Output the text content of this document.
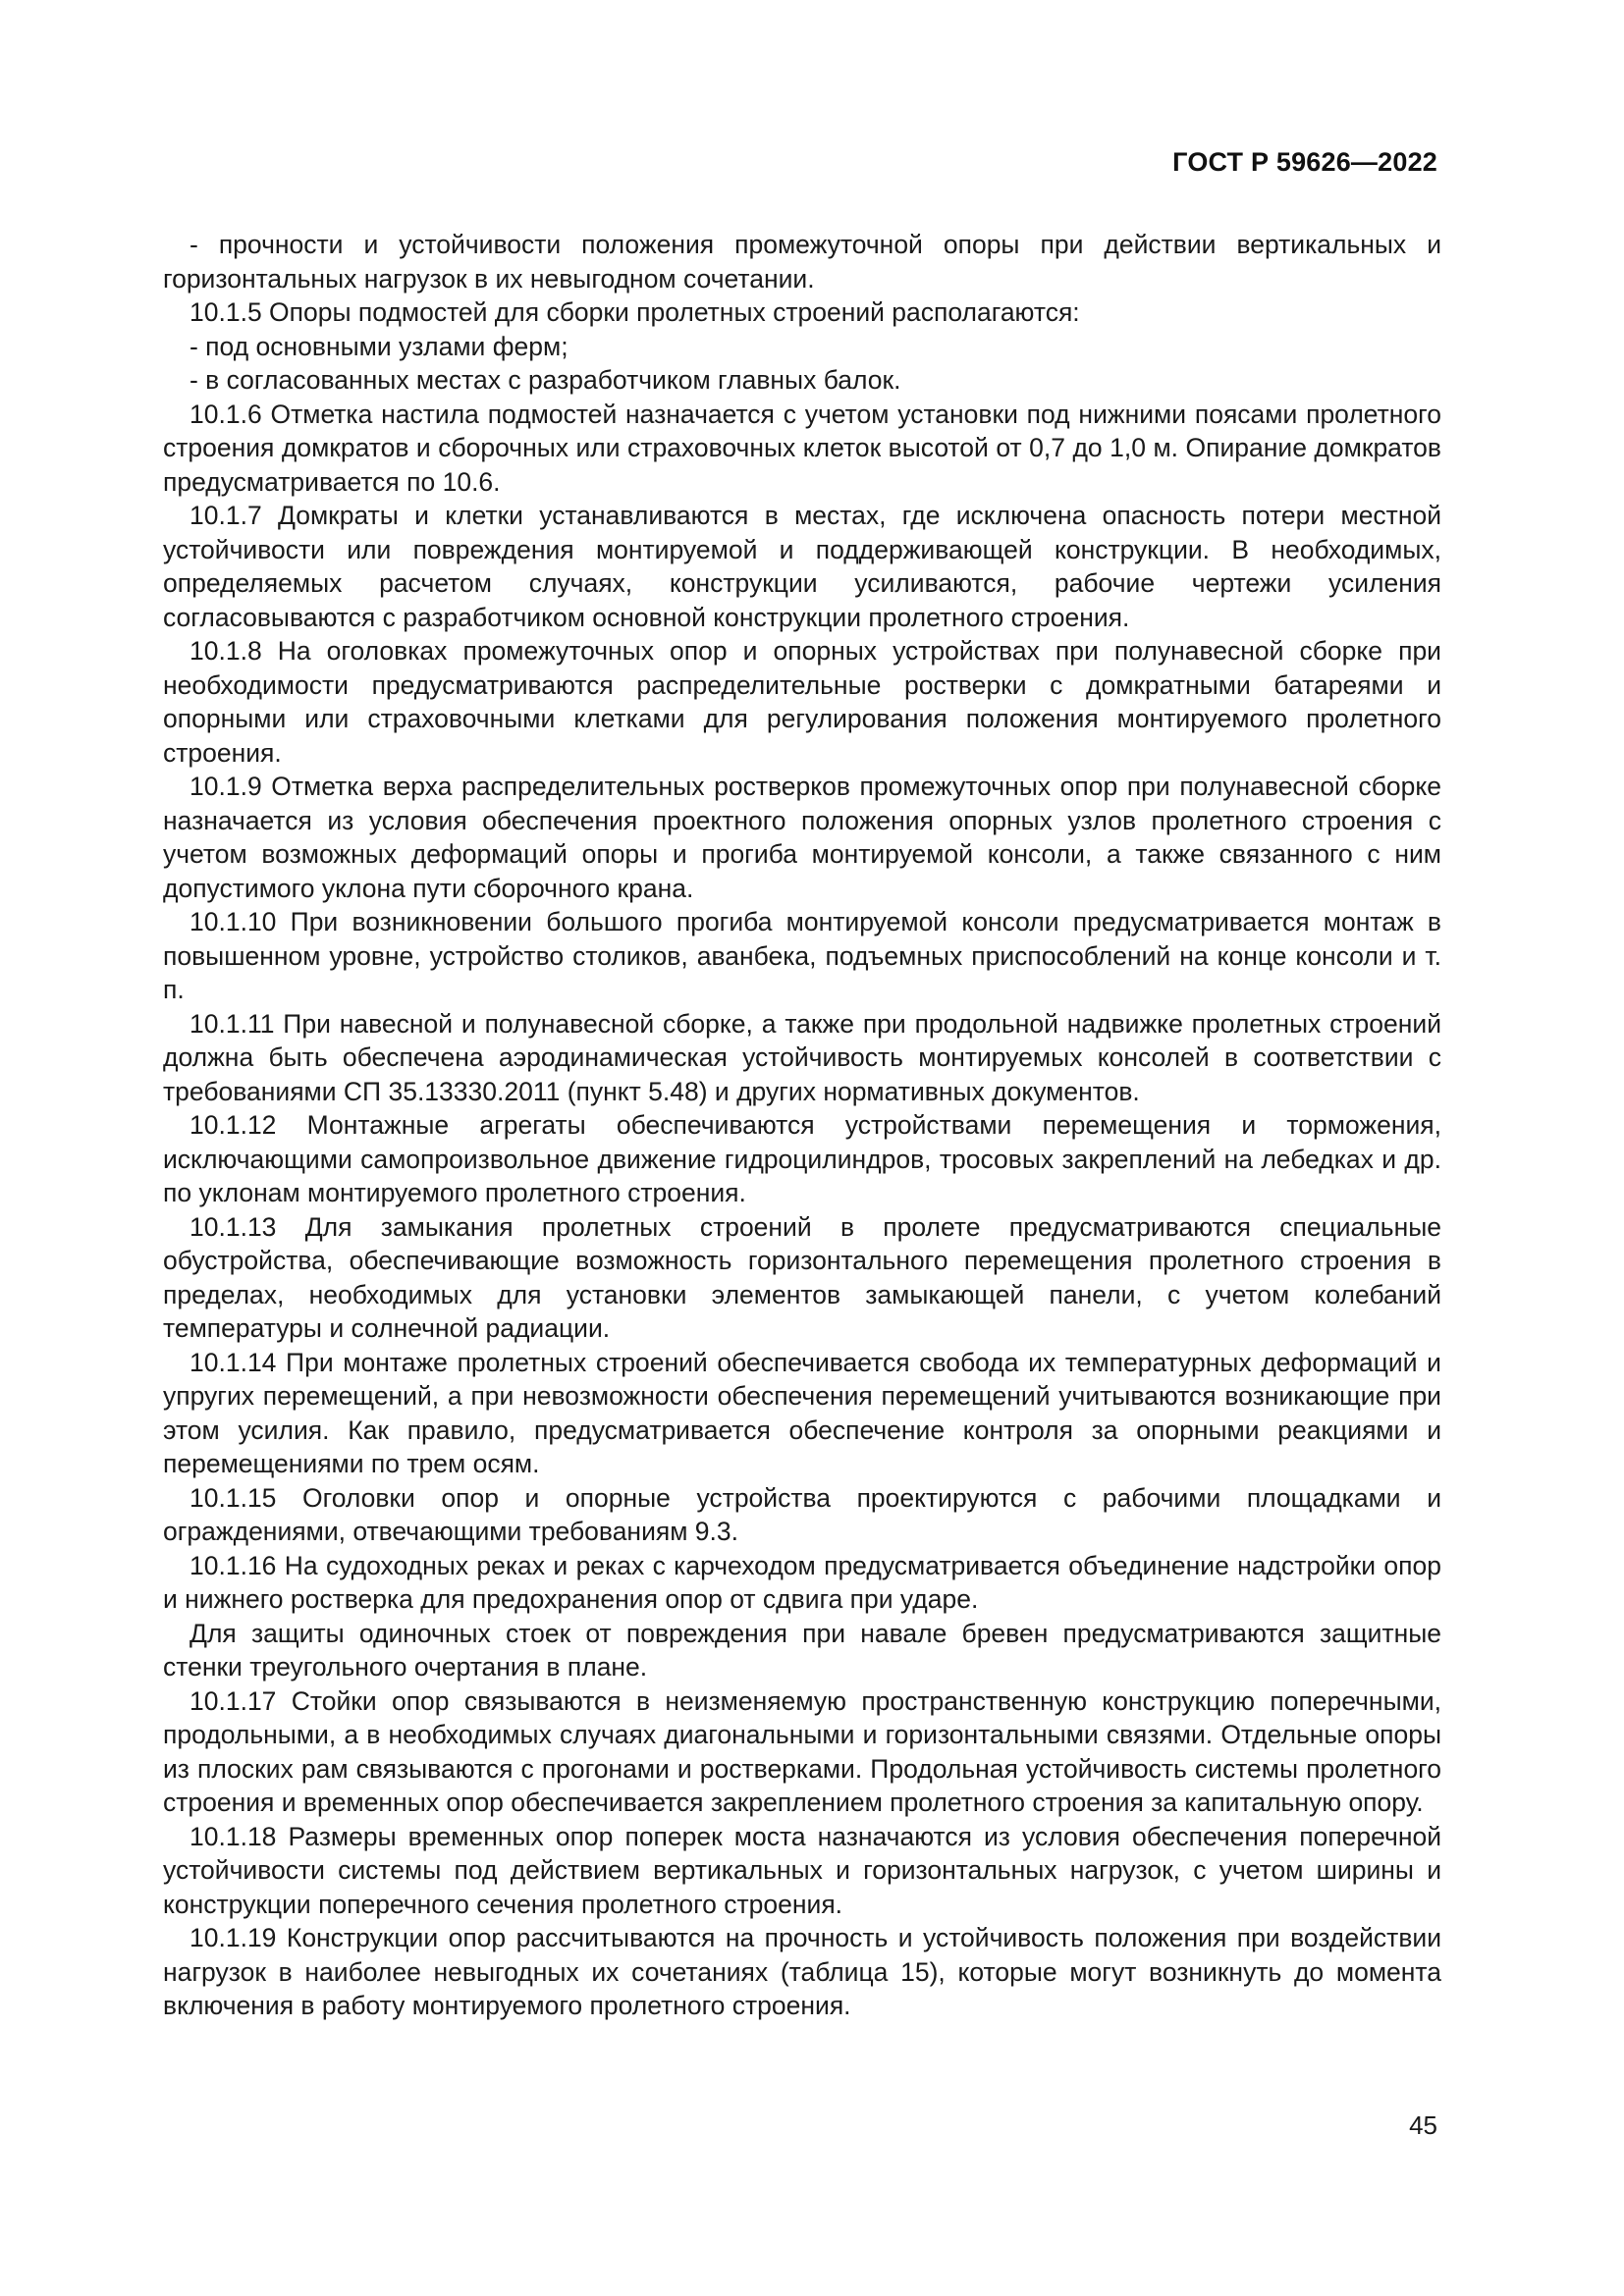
ГОСТ Р 59626—2022

- прочности и устойчивости положения промежуточной опоры при действии вертикальных и горизонтальных нагрузок в их невыгодном сочетании.

10.1.5 Опоры подмостей для сборки пролетных строений располагаются:

- под основными узлами ферм;

- в согласованных местах с разработчиком главных балок.

10.1.6 Отметка настила подмостей назначается с учетом установки под нижними поясами пролетного строения домкратов и сборочных или страховочных клеток высотой от 0,7 до 1,0 м. Опирание домкратов предусматривается по 10.6.

10.1.7 Домкраты и клетки устанавливаются в местах, где исключена опасность потери местной устойчивости или повреждения монтируемой и поддерживающей конструкции. В необходимых, определяемых расчетом случаях, конструкции усиливаются, рабочие чертежи усиления согласовываются с разработчиком основной конструкции пролетного строения.

10.1.8 На оголовках промежуточных опор и опорных устройствах при полунавесной сборке при необходимости предусматриваются распределительные ростверки с домкратными батареями и опорными или страховочными клетками для регулирования положения монтируемого пролетного строения.

10.1.9 Отметка верха распределительных ростверков промежуточных опор при полунавесной сборке назначается из условия обеспечения проектного положения опорных узлов пролетного строения с учетом возможных деформаций опоры и прогиба монтируемой консоли, а также связанного с ним допустимого уклона пути сборочного крана.

10.1.10 При возникновении большого прогиба монтируемой консоли предусматривается монтаж в повышенном уровне, устройство столиков, аванбека, подъемных приспособлений на конце консоли и т. п.

10.1.11 При навесной и полунавесной сборке, а также при продольной надвижке пролетных строений должна быть обеспечена аэродинамическая устойчивость монтируемых консолей в соответствии с требованиями СП 35.13330.2011 (пункт 5.48) и других нормативных документов.

10.1.12 Монтажные агрегаты обеспечиваются устройствами перемещения и торможения, исключающими самопроизвольное движение гидроцилиндров, тросовых закреплений на лебедках и др. по уклонам монтируемого пролетного строения.

10.1.13 Для замыкания пролетных строений в пролете предусматриваются специальные обустройства, обеспечивающие возможность горизонтального перемещения пролетного строения в пределах, необходимых для установки элементов замыкающей панели, с учетом колебаний температуры и солнечной радиации.

10.1.14 При монтаже пролетных строений обеспечивается свобода их температурных деформаций и упругих перемещений, а при невозможности обеспечения перемещений учитываются возникающие при этом усилия. Как правило, предусматривается обеспечение контроля за опорными реакциями и перемещениями по трем осям.

10.1.15 Оголовки опор и опорные устройства проектируются с рабочими площадками и ограждениями, отвечающими требованиям 9.3.

10.1.16 На судоходных реках и реках с карчеходом предусматривается объединение надстройки опор и нижнего ростверка для предохранения опор от сдвига при ударе.

Для защиты одиночных стоек от повреждения при навале бревен предусматриваются защитные стенки треугольного очертания в плане.

10.1.17 Стойки опор связываются в неизменяемую пространственную конструкцию поперечными, продольными, а в необходимых случаях диагональными и горизонтальными связями. Отдельные опоры из плоских рам связываются с прогонами и ростверками. Продольная устойчивость системы пролетного строения и временных опор обеспечивается закреплением пролетного строения за капитальную опору.

10.1.18 Размеры временных опор поперек моста назначаются из условия обеспечения поперечной устойчивости системы под действием вертикальных и горизонтальных нагрузок, с учетом ширины и конструкции поперечного сечения пролетного строения.

10.1.19 Конструкции опор рассчитываются на прочность и устойчивость положения при воздействии нагрузок в наиболее невыгодных их сочетаниях (таблица 15), которые могут возникнуть до момента включения в работу монтируемого пролетного строения.

45
